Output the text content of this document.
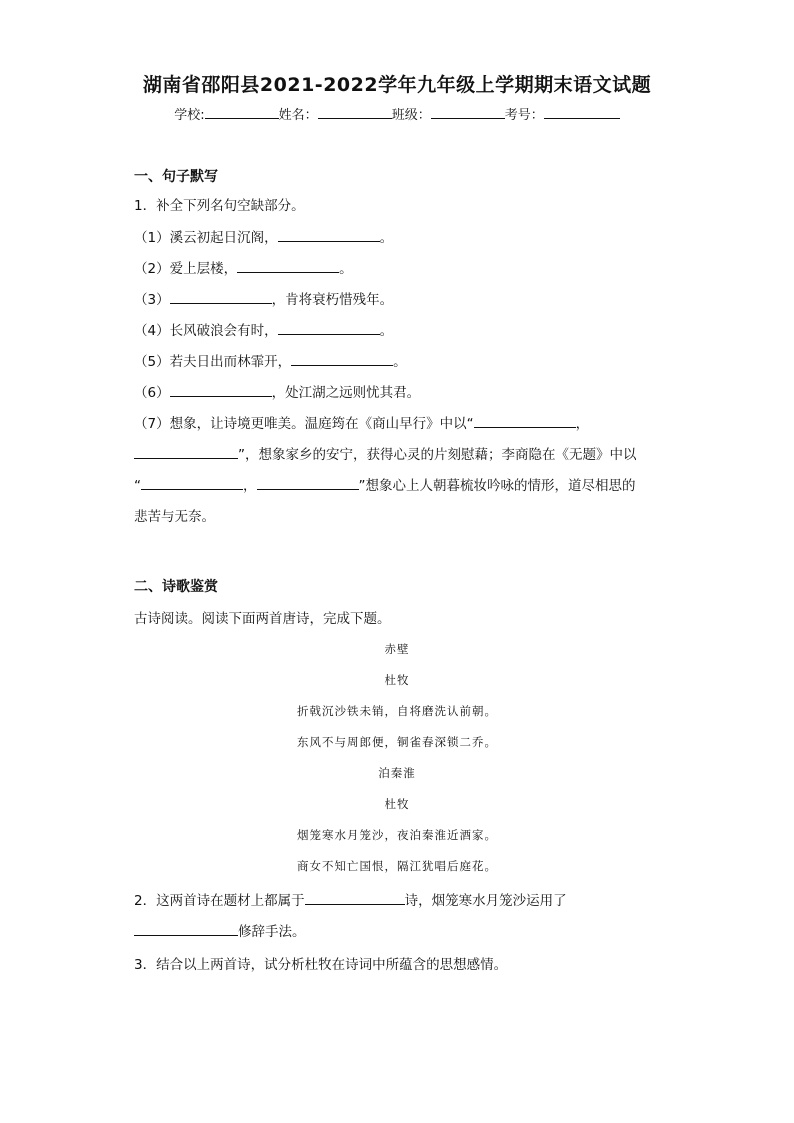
湖南省邵阳县2021-2022学年九年级上学期期末语文试题
学校:	姓名：	班级：	考号：
一、句子默写
1．补全下列名句空缺部分。
（1）溪云初起日沉阁，	。
（2）爱上层楼，	。
（3）	，肯将衰朽惜残年。
（4）长风破浪会有时，	。
（5）若夫日出而林霏开，	。
（6）	，处江湖之远则忧其君。
（7）想象，让诗境更唯美。温庭筠在《商山早行》中以“	，
”，想象家乡的安宁，获得心灵的片刻慰藉；李商隐在《无题》中以
“	，	”想象心上人朝暮梳妆吟咏的情形，道尽相思的
悲苦与无奈。
二、诗歌鉴赏
古诗阅读。阅读下面两首唐诗，完成下题。
赤壁
杜牧
折戟沉沙铁未销，自将磨洗认前朝。
东风不与周郎便，铜雀春深锁二乔。
泊秦淮
杜牧
烟笼寒水月笼沙，夜泊秦淮近酒家。
商女不知亡国恨，隔江犹唱后庭花。
2．这两首诗在题材上都属于	诗，烟笼寒水月笼沙运用了
修辞手法。
3．结合以上两首诗，试分析杜牧在诗词中所蕴含的思想感情。
